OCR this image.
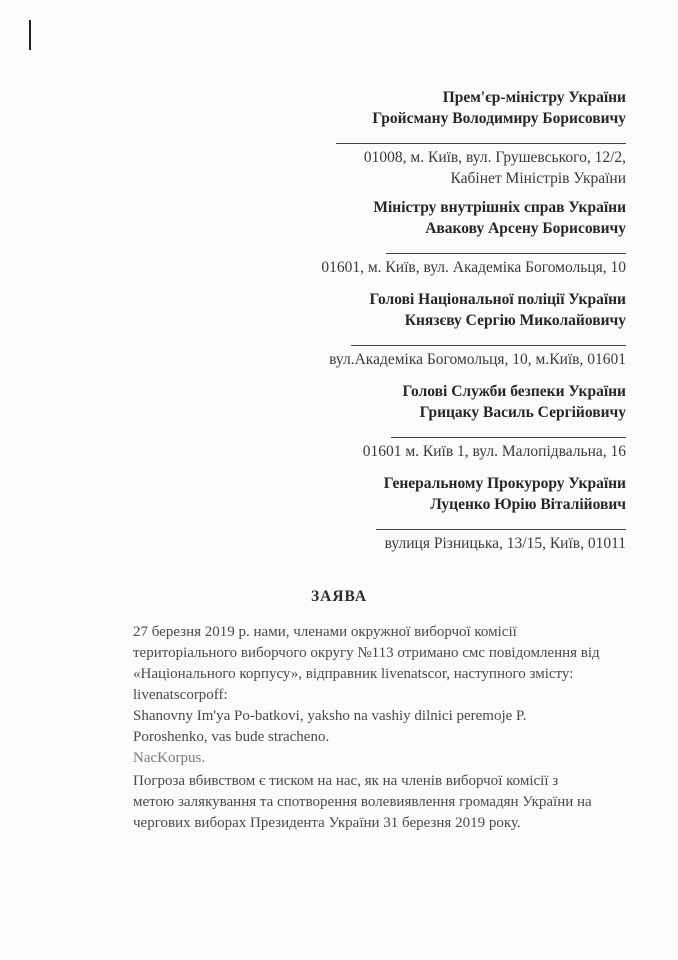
Прем'єр-міністру України
Гройсману Володимиру Борисовичу
01008, м. Київ, вул. Грушевського, 12/2,
Кабінет Міністрів України
Міністру внутрішніх справ України
Авакову Арсену Борисовичу
01601, м. Київ, вул. Академіка Богомольця, 10
Голові Національної поліції України
Князєву Сергію Миколайовичу
вул.Академіка Богомольця, 10, м.Київ, 01601
Голові Служби безпеки України
Грицаку Василь Сергійовичу
01601 м. Київ 1, вул. Малопідвальна, 16
Генеральному Прокурору України
Луценко Юрію Віталійович
вулиця Різницька, 13/15, Київ, 01011
ЗАЯВА
27 березня 2019 р. нами, членами окружної виборчої комісії
територіального виборчого округу №113 отримано смс повідомлення від
«Національного корпусу», відправник livenatscor, наступного змісту:
livenatscorpoff:
Shanovny Im'ya Po-batkovi, yaksho na vashiy dilnici peremoje P.
Poroshenko, vas bude stracheno.
NacKorpus.
Погроза вбивством є тиском на нас, як на членів виборчої комісії з
метою залякування та спотворення волевиявлення громадян України на
чергових виборах Президента України 31 березня 2019 року.
